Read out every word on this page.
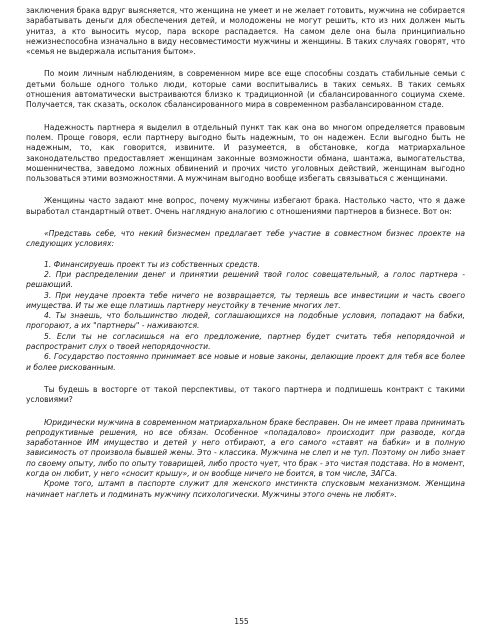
заключения брака вдруг выясняется, что женщина не умеет и не желает готовить, мужчина не собирается зарабатывать деньги для обеспечения детей, и молодожены не могут решить, кто из них должен мыть унитаз, а кто выносить мусор, пара вскоре распадается. На самом деле она была принципиально нежизнеспособна изначально в виду несовместимости мужчины и женщины. В таких случаях говорят, что «семья не выдержала испытания бытом».

По моим личным наблюдениям, в современном мире все еще способны создать стабильные семьи с детьми больше одного только люди, которые сами воспитывались в таких семьях. В таких семьях отношения автоматически выстраиваются близко к традиционной (и сбалансированного социума схеме. Получается, так сказать, осколок сбалансированного мира в современном разбалансированном стаде.

Надежность партнера я выделил в отдельный пункт так как она во многом определяется правовым полем. Проще говоря, если партнеру выгодно быть надежным, то он надежен. Если выгодно быть не надежным, то, как говорится, извините. И разумеется, в обстановке, когда матриархальное законодательство предоставляет женщинам законные возможности обмана, шантажа, вымогательства, мошенничества, заведомо ложных обвинений и прочих чисто уголовных действий, женщинам выгодно пользоваться этими возможностями. А мужчинам выгодно вообще избегать связываться с женщинами.

Женщины часто задают мне вопрос, почему мужчины избегают брака. Настолько часто, что я даже выработал стандартный ответ. Очень наглядную аналогию с отношениями партнеров в бизнесе. Вот он:

«Представь себе, что некий бизнесмен предлагает тебе участие в совместном бизнес проекте на следующих условиях:

1. Финансируешь проект ты из собственных средств.

2. При распределении денег и принятии решений твой голос совещательный, а голос партнера - решающий.

3. При неудаче проекта тебе ничего не возвращается, ты теряешь все инвестиции и часть своего имущества. И ты же еще платишь партнеру неустойку в течение многих лет.

4. Ты знаешь, что большинство людей, соглашающихся на подобные условия, попадают на бабки, прогорают, а их "партнеры" - наживаются.

5. Если ты не согласишься на его предложение, партнер будет считать тебя непорядочной и распространит слух о твоей непорядочности.

6. Государство постоянно принимает все новые и новые законы, делающие проект для тебя все более и более рискованным.

Ты будешь в восторге от такой перспективы, от такого партнера и подпишешь контракт с такими условиями?

Юридически мужчина в современном матриархальном браке бесправен. Он не имеет права принимать репродуктивные решения, но все обязан. Особенное «попадалово» происходит при разводе, когда заработанное ИМ имущество и детей у него отбирают, а его самого «ставят на бабки» и в полную зависимость от произвола бывшей жены. Это - классика. Мужчина не слеп и не туп. Поэтому он либо знает по своему опыту, либо по опыту товарищей, либо просто чует, что брак - это чистая подстава. Но в момент, когда он любит, у него «сносит крышу», и он вообще ничего не боится, в том числе, ЗАГСа.

Кроме того, штамп в паспорте служит для женского инстинкта спусковым механизмом. Женщина начинает наглеть и подминать мужчину психологически. Мужчины этого очень не любят».

155
